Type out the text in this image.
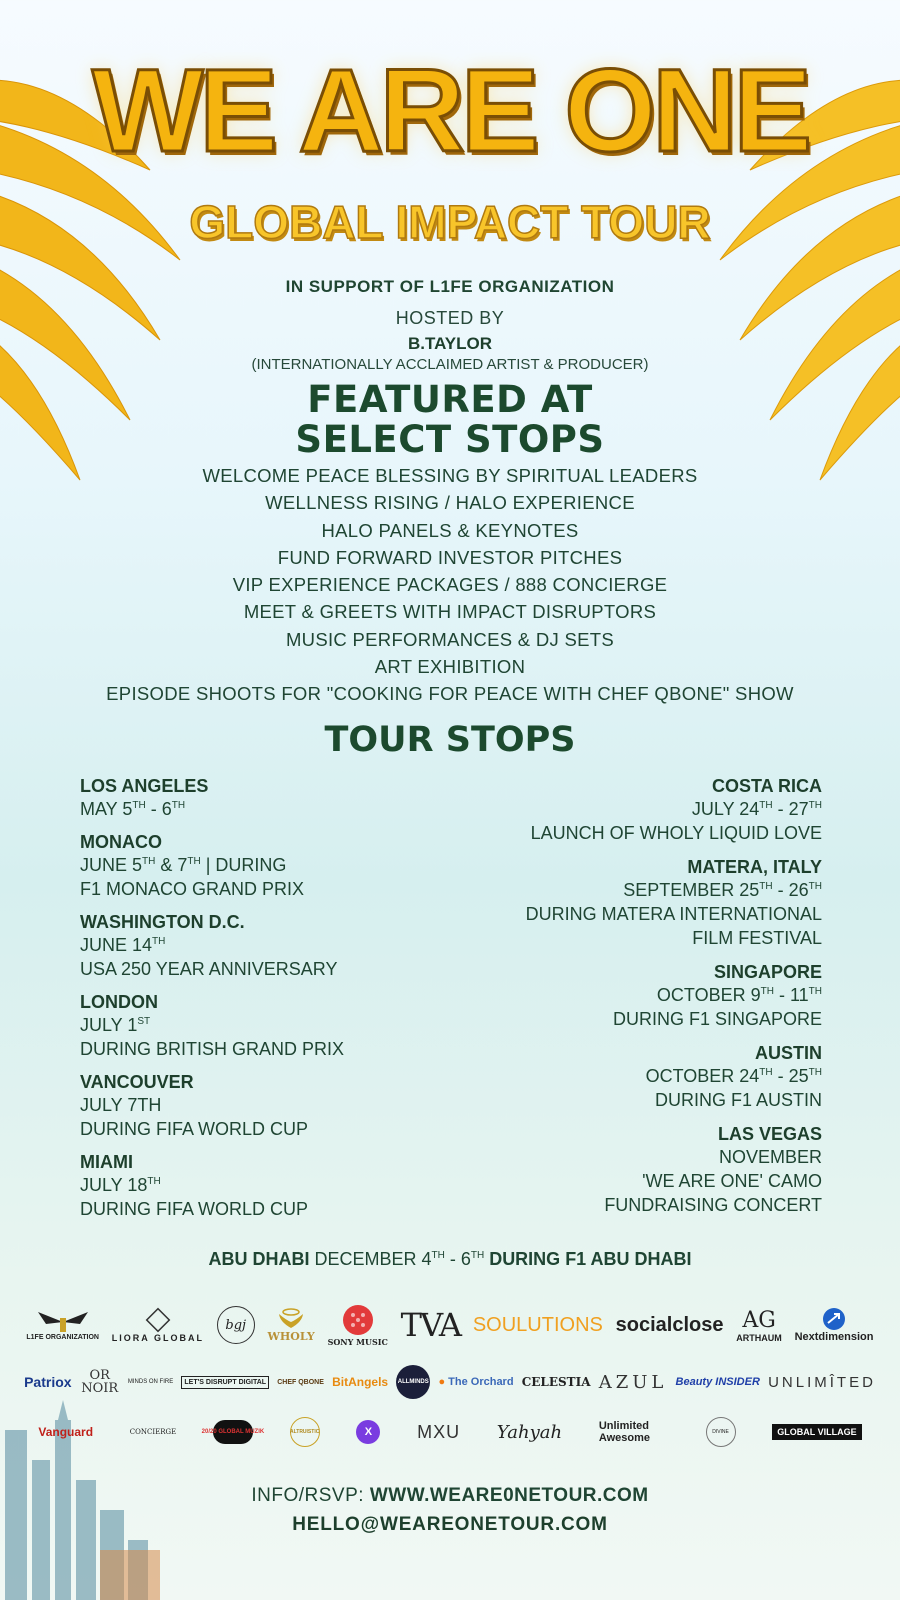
WE ARE ONE
GLOBAL IMPACT TOUR
IN SUPPORT OF L1FE ORGANIZATION
HOSTED BY
B.TAYLOR
(INTERNATIONALLY ACCLAIMED ARTIST & PRODUCER)
FEATURED AT
SELECT STOPS
WELCOME PEACE BLESSING BY SPIRITUAL LEADERS
WELLNESS RISING / HALO EXPERIENCE
HALO PANELS & KEYNOTES
FUND FORWARD INVESTOR PITCHES
VIP EXPERIENCE PACKAGES / 888 CONCIERGE
MEET & GREETS WITH IMPACT DISRUPTORS
MUSIC PERFORMANCES & DJ SETS
ART EXHIBITION
EPISODE SHOOTS FOR "COOKING FOR PEACE WITH CHEF QBONE" SHOW
TOUR STOPS
LOS ANGELES
MAY 5TH - 6TH
MONACO
JUNE 5TH & 7TH | DURING
F1 MONACO GRAND PRIX
WASHINGTON D.C.
JUNE 14TH
USA 250 YEAR ANNIVERSARY
LONDON
JULY 1ST
DURING BRITISH GRAND PRIX
VANCOUVER
JULY 7TH
DURING FIFA WORLD CUP
MIAMI
JULY 18TH
DURING FIFA WORLD CUP
COSTA RICA
JULY 24TH - 27TH
LAUNCH OF WHOLY LIQUID LOVE
MATERA, ITALY
SEPTEMBER 25TH - 26TH
DURING MATERA INTERNATIONAL
FILM FESTIVAL
SINGAPORE
OCTOBER 9TH - 11TH
DURING F1 SINGAPORE
AUSTIN
OCTOBER 24TH - 25TH
DURING F1 AUSTIN
LAS VEGAS
NOVEMBER
'WE ARE ONE' CAMO
FUNDRAISING CONCERT
ABU DHABI DECEMBER 4TH - 6TH DURING F1 ABU DHABI
L1FE ORGANIZATION LIORA GLOBAL
bgj
WHOLY SONY MUSIC TVA SOULUTIONS socialclose AG
ARTHAUM Nextdimension
Patriox	OR NOIR MINDS ON FIRE	LET'S DISRUPT DIGITAL	CHEF QBONE BitAngels ALLMINDS ● The Orchard CELESTIA AZUL Beauty INSIDER UNLIMÎTED
Vanguard	CONCIERGE	20/20 GLOBAL MUZIK	ALTRUISTIC	X	MXU Yahyah	Unlimited Awesome	DIVINE	GLOBAL VILLAGE
INFO/RSVP: WWW.WEARE0NETOUR.COM
HELLO@WEAREONETOUR.COM
